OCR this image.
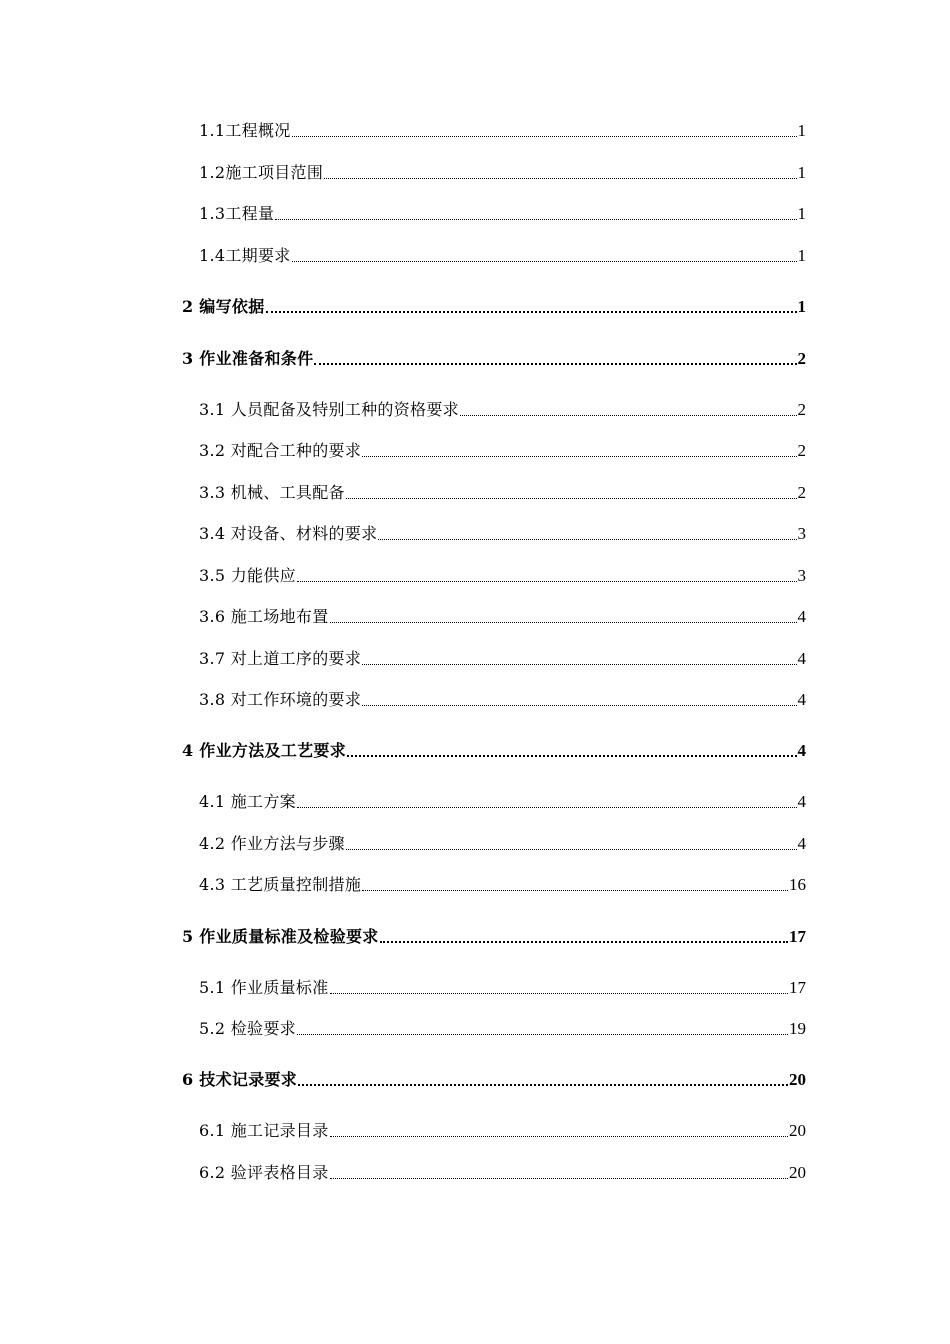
1.1工程概况	1
1.2施工项目范围	1
1.3工程量	1
1.4工期要求	1
2 编写依据	1
3 作业准备和条件	2
3.1 人员配备及特别工种的资格要求	2
3.2 对配合工种的要求	2
3.3 机械、工具配备	2
3.4 对设备、材料的要求	3
3.5 力能供应	3
3.6 施工场地布置	4
3.7 对上道工序的要求	4
3.8 对工作环境的要求	4
4 作业方法及工艺要求	4
4.1 施工方案	4
4.2 作业方法与步骤	4
4.3 工艺质量控制措施	16
5 作业质量标准及检验要求	17
5.1 作业质量标准	17
5.2 检验要求	19
6 技术记录要求	20
6.1 施工记录目录	20
6.2 验评表格目录	20
